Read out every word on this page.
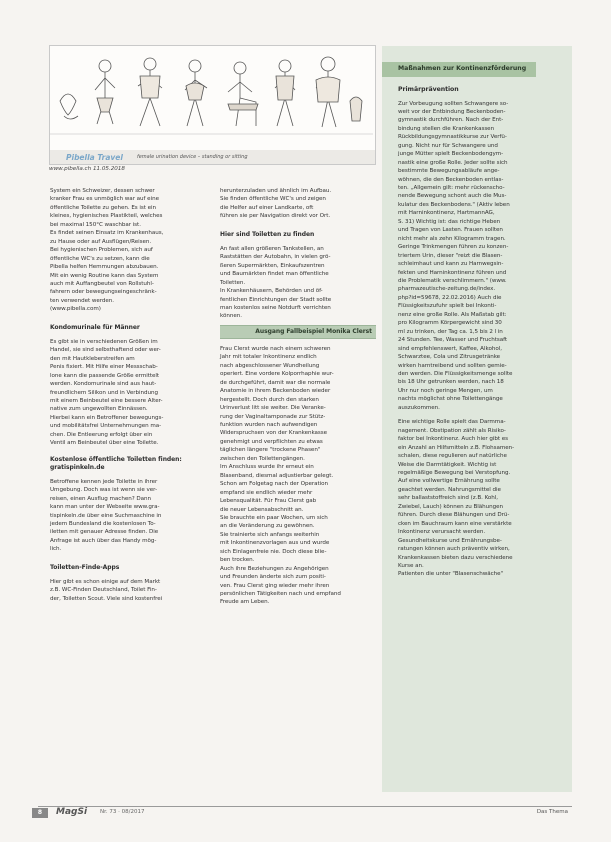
Pibella Travel	female urination device – standing or sitting
www.pibella.ch 11.05.2018
Maßnahmen zur Kontinenzförderung
Primärprävention

Zur Vorbeugung sollten Schwangere so-
weit vor der Entbindung Beckenboden-
gymnastik durchführen. Nach der Ent-
bindung stellen die Krankenkassen
Rückbildungsgymnastikkurse zur Verfü-
gung. Nicht nur für Schwangere und
junge Mütter spielt Beckenbodengym-
nastik eine große Rolle. Jeder sollte sich
bestimmte Bewegungsabläufe ange-
wöhnen, die den Beckenboden entlas-
ten. „Allgemein gilt: mehr rückenscho-
nende Bewegung schont auch die Mus-
kulatur des Beckenbodens." (Aktiv leben
mit Harninkontinenz, HartmannAG,
S. 31) Wichtig ist: das richtige Heben
und Tragen von Lasten. Frauen sollten
nicht mehr als zehn Kilogramm tragen.
Geringe Trinkmengen führen zu konzen-
triertem Urin, dieser "reizt die Blasen-
schleimhaut und kann zu Harnwegsin-
fekten und Harninkontinenz führen und
die Problematik verschlimmern." (www.
pharmazeutische-zeitung.de/index.
php?id=59678, 22.02.2016) Auch die
Flüssigkeitszufuhr spielt bei Inkonti-
nenz eine große Rolle. Als Maßstab gilt:
pro Kilogramm Körpergewicht sind 30
ml zu trinken, der Tag ca. 1,5 bis 2 l in
24 Stunden. Tee, Wasser und Fruchtsaft
sind empfehlenswert, Kaffee, Alkohol,
Schwarztee, Cola und Zitrusgetränke
wirken harntreibend und sollten gemie-
den werden. Die Flüssigkeitsmenge sollte
bis 18 Uhr getrunken werden, nach 18
Uhr nur noch geringe Mengen, um
nachts möglichst ohne Toilettengänge
auszukommen.

Eine wichtige Rolle spielt das Darmma-
nagement. Obstipation zählt als Risiko-
faktor bei Inkontinenz. Auch hier gibt es
ein Anzahl an Hilfsmitteln z.B. Flohsamen-
schalen, diese regulieren auf natürliche
Weise die Darmtätigkeit. Wichtig ist
regelmäßige Bewegung bei Verstopfung.
Auf eine vollwertige Ernährung sollte
geachtet werden. Nahrungsmittel die
sehr ballaststoffreich sind (z.B. Kohl,
Zwiebel, Lauch) können zu Blähungen
führen. Durch diese Blähungen und Drü-
cken im Bauchraum kann eine verstärkte
Inkontinenz verursacht werden.
Gesundheitskurse und Ernährungsbe-
ratungen können auch präventiv wirken,
Krankenkassen bieten dazu verschiedene
Kurse an.
Patienten die unter "Blasenschwäche"

System ein Schweizer, dessen schwer
kranker Frau es unmöglich war auf eine
öffentliche Toilette zu gehen. Es ist ein
kleines, hygienisches Plastikteil, welches
bei maximal 150°C waschbar ist.
Es findet seinen Einsatz im Krankenhaus,
zu Hause oder auf Ausflügen/Reisen.
Bei hygienischen Problemen, sich auf
öffentliche WC's zu setzen, kann die
Pibella helfen Hemmungen abzubauen.
Mit ein wenig Routine kann das System
auch mit Auffangbeutel von Rollstuhl-
fahrern oder bewegungseingeschränk-
ten verwendet werden.
(www.pibella.com)

Kondomurinale für Männer

Es gibt sie in verschiedenen Größen im
Handel, sie sind selbsthaftend oder wer-
den mit Hautkleberstreifen am
Penis fixiert. Mit Hilfe einer Messschab-
lone kann die passende Größe ermittelt
werden. Kondomurinale sind aus haut-
freundlichem Silikon und in Verbindung
mit einem Beinbeutel eine bessere Alter-
native zum ungewollten Einnässen.
Hierbei kann ein Betroffener bewegungs-
und mobilitätsfrei Unternehmungen ma-
chen. Die Entleerung erfolgt über ein
Ventil am Beinbeutel über eine Toilette.

Kostenlose öffentliche Toiletten finden: gratispinkeln.de

Betroffene kennen jede Toilette in ihrer
Umgebung. Doch was ist wenn sie ver-
reisen, einen Ausflug machen? Dann
kann man unter der Webseite www.gra-
tispinkeln.de über eine Suchmaschine in
jedem Bundesland die kostenlosen To-
iletten mit genauer Adresse finden. Die
Anfrage ist auch über das Handy mög-
lich.

Toiletten-Finde-Apps

Hier gibt es schon einige auf dem Markt
z.B. WC-Finden Deutschland, Toilet Fin-
der, Toiletten Scout. Viele sind kostenfrei

herunterzuladen und ähnlich im Aufbau.
Sie finden öffentliche WC's und zeigen
die Helfer auf einer Landkarte, oft
führen sie per Navigation direkt vor Ort.

Hier sind Toiletten zu finden

An fast allen größeren Tankstellen, an
Raststätten der Autobahn, in vielen grö-
ßeren Supermärkten, Einkaufszentren
und Baumärkten findet man öffentliche
Toiletten.
In Krankenhäusern, Behörden und öf-
fentlichen Einrichtungen der Stadt sollte
man kostenlos seine Notdurft verrichten
können.

Ausgang Fallbeispiel Monika Clerst

Frau Clerst wurde nach einem schweren
Jahr mit totaler Inkontinenz endlich
nach abgeschlossener Wundheilung
operiert. Eine vordere Kolporrhaphie wur-
de durchgeführt, damit war die normale
Anatomie in ihrem Beckenboden wieder
hergestellt. Doch durch den starken
Urinverlust litt sie weiter. Die Veranke-
rung der Vaginaltamponade zur Stütz-
funktion wurden nach aufwendigen
Widerspruchsen von der Krankenkasse
genehmigt und verpflichten zu etwas
täglichen längere "trockene Phasen"
zwischen den Toilettengängen.
Im Anschluss wurde ihr erneut ein
Blasenband, diesmal adjustierbar gelegt.
Schon am Folgetag nach der Operation
empfand sie endlich wieder mehr
Lebensqualität. Für Frau Clerst gab
die neuer Lebensabschnitt an.
Sie brauchte ein paar Wochen, um sich
an die Veränderung zu gewöhnen.
Sie trainierte sich anfangs weiterhin
mit Inkontinenzvorlagen aus und wurde
sich Einlagenfreie nie. Doch diese blie-
ben trocken.
Auch ihre Beziehungen zu Angehörigen
und Freunden änderte sich zum positi-
ven. Frau Clerst ging wieder mehr ihren
persönlichen Tätigkeiten nach und empfand
Freude am Leben.

8	MagSi Nr. 73 · 08/2017	Das Thema
